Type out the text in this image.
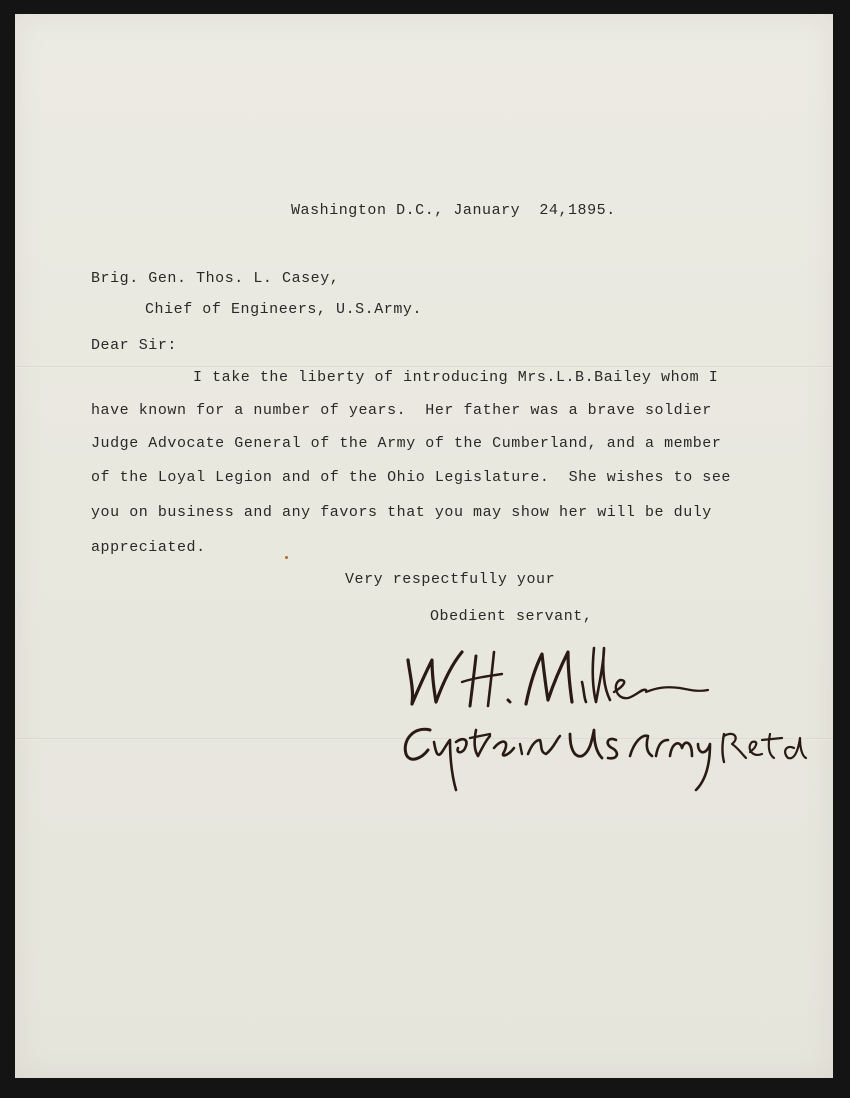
Washington D.C., January  24,1895.
Brig. Gen. Thos. L. Casey,
Chief of Engineers, U.S.Army.
Dear Sir:
I take the liberty of introducing Mrs.L.B.Bailey whom I
have known for a number of years.  Her father was a brave soldier
Judge Advocate General of the Army of the Cumberland, and a member
of the Loyal Legion and of the Ohio Legislature.  She wishes to see
you on business and any favors that you may show her will be duly
appreciated.
Very respectfully your
Obedient servant,
